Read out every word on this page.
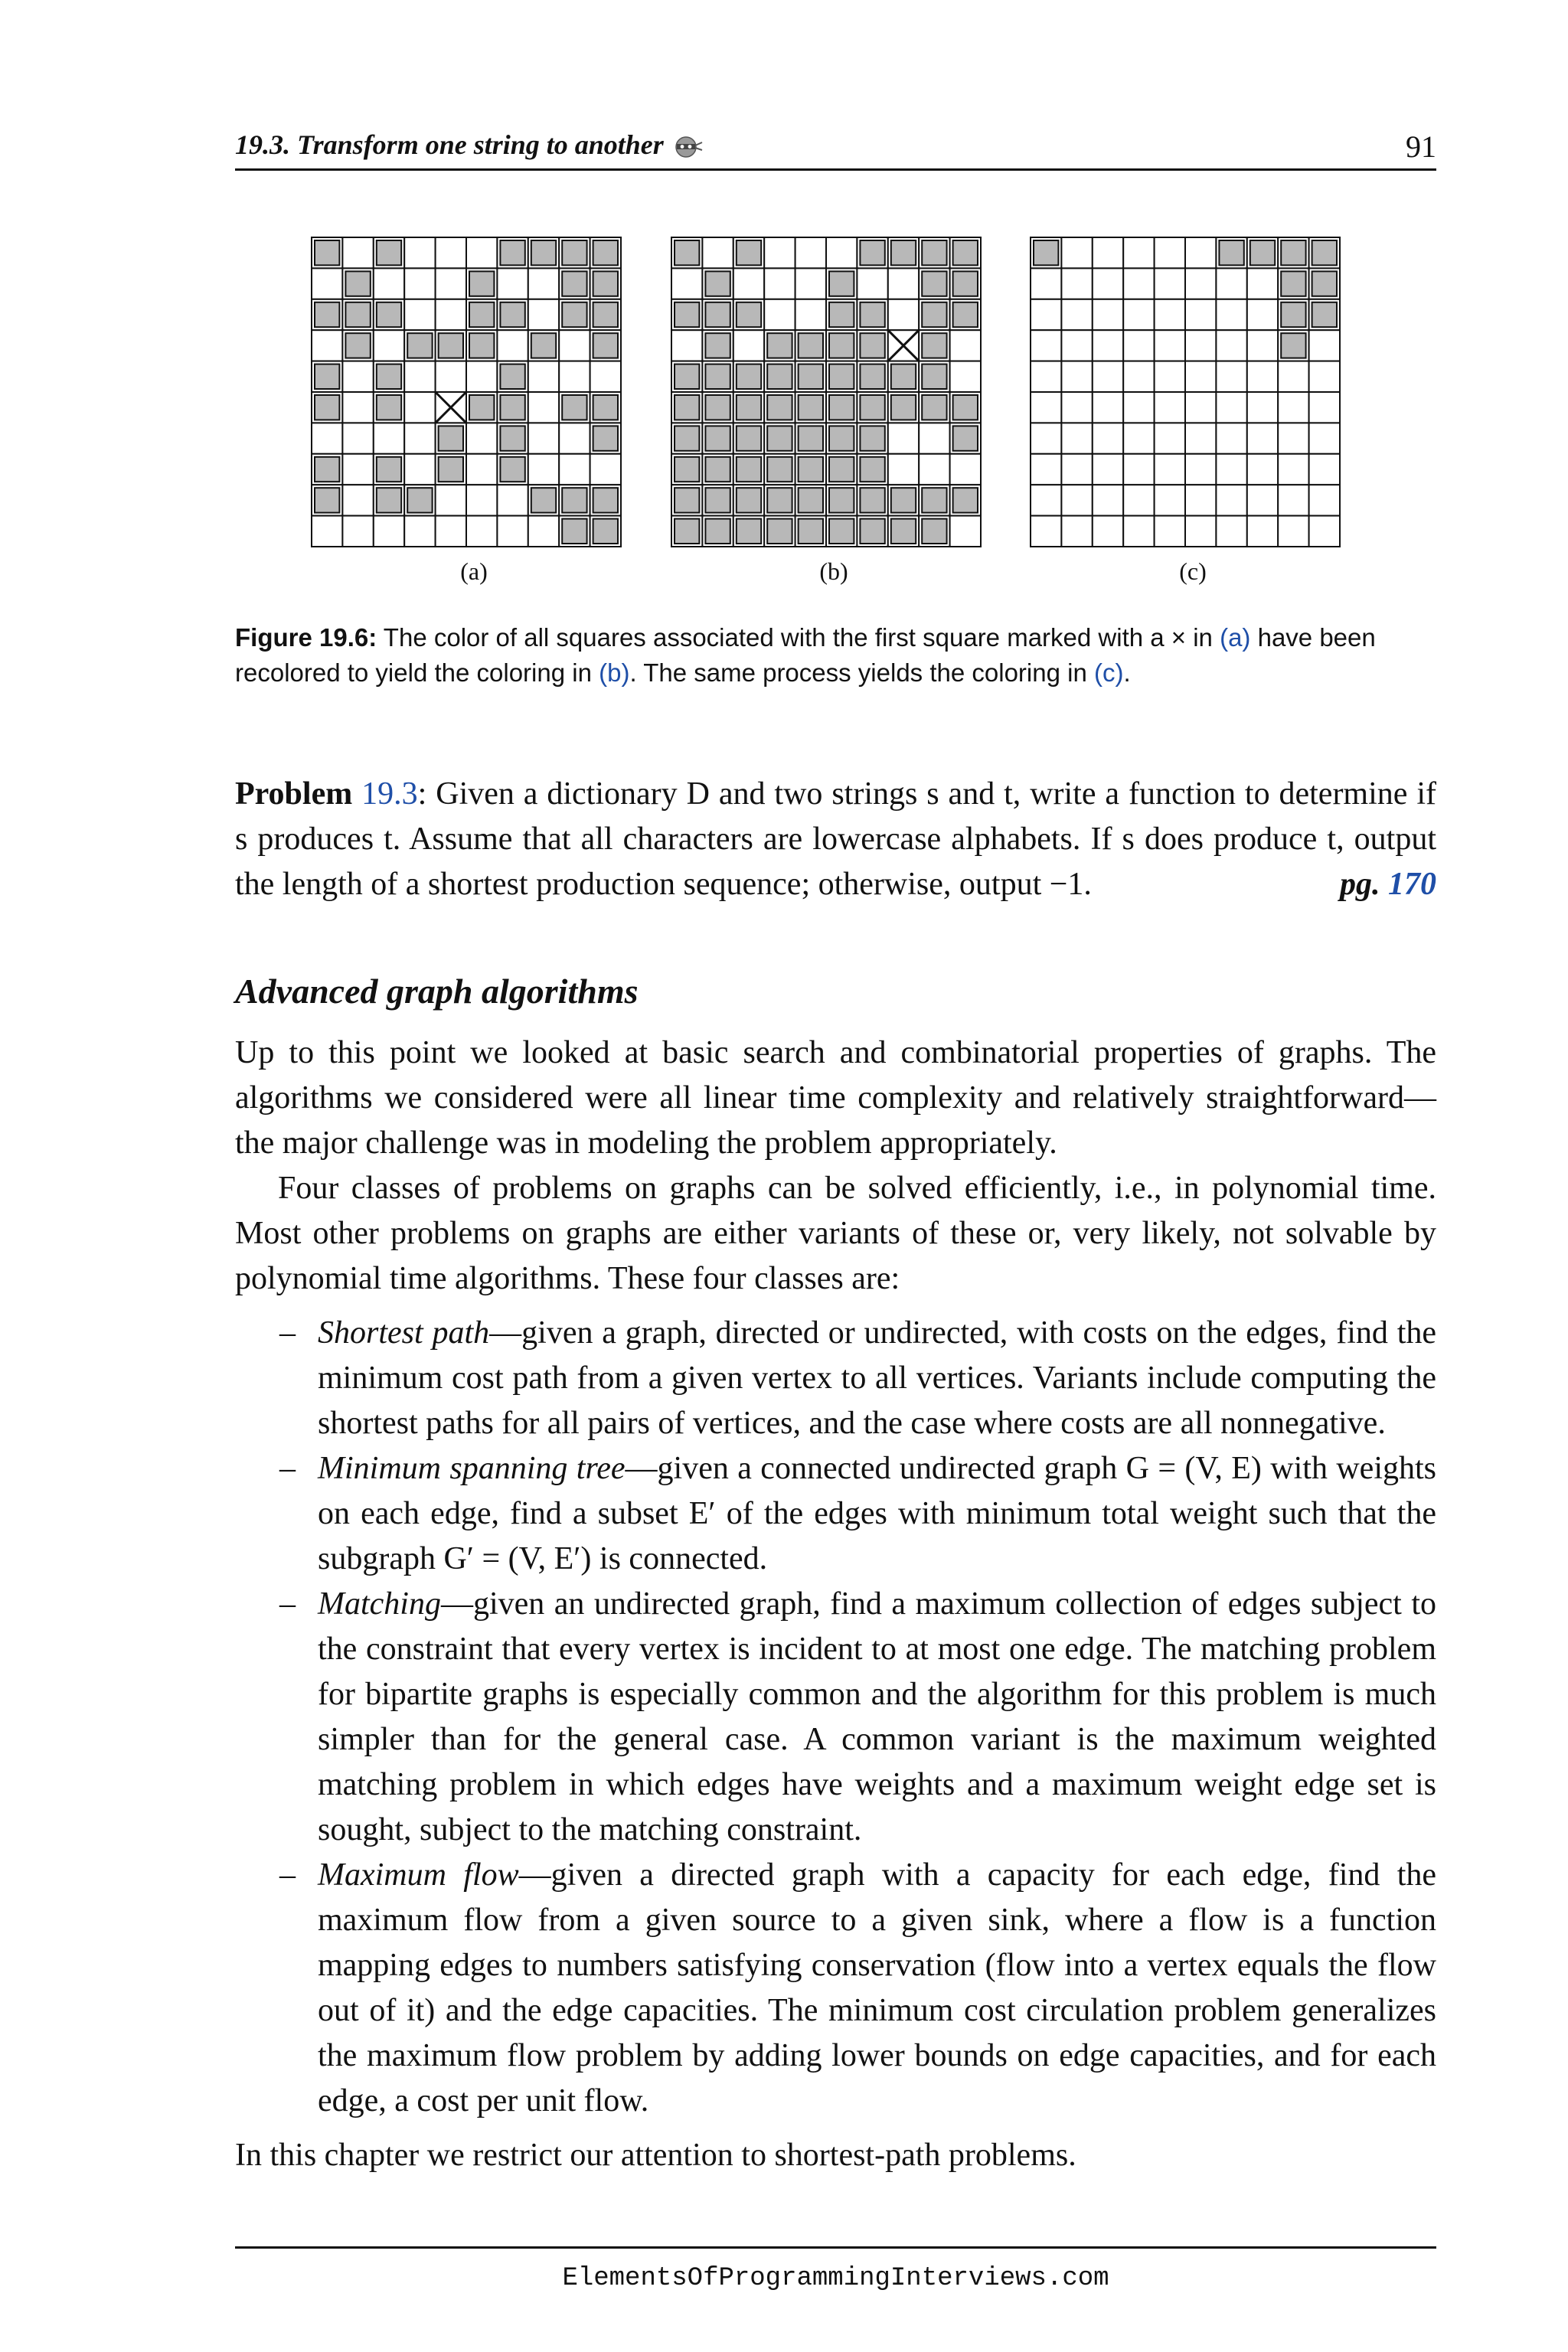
19.3. Transform one string to another	91
(a)	(b)	(c)
Figure 19.6: The color of all squares associated with the first square marked with a × in (a) have been recolored to yield the coloring in (b). The same process yields the coloring in (c).
Problem 19.3: Given a dictionary D and two strings s and t, write a function to determine if s produces t. Assume that all characters are lowercase alphabets. If s does produce t, output the length of a shortest production sequence; otherwise, output −1.	pg. 170
Advanced graph algorithms

Up to this point we looked at basic search and combinatorial properties of graphs. The algorithms we considered were all linear time complexity and relatively straightforward—the major challenge was in modeling the problem appropriately.

Four classes of problems on graphs can be solved efficiently, i.e., in polynomial time. Most other problems on graphs are either variants of these or, very likely, not solvable by polynomial time algorithms. These four classes are:

– Shortest path—given a graph, directed or undirected, with costs on the edges, find the minimum cost path from a given vertex to all vertices. Variants include computing the shortest paths for all pairs of vertices, and the case where costs are all nonnegative.
– Minimum spanning tree—given a connected undirected graph G = (V, E) with weights on each edge, find a subset E′ of the edges with minimum total weight such that the subgraph G′ = (V, E′) is connected.
– Matching—given an undirected graph, find a maximum collection of edges subject to the constraint that every vertex is incident to at most one edge. The matching problem for bipartite graphs is especially common and the algorithm for this problem is much simpler than for the general case. A common variant is the maximum weighted matching problem in which edges have weights and a maximum weight edge set is sought, subject to the matching constraint.
– Maximum flow—given a directed graph with a capacity for each edge, find the maximum flow from a given source to a given sink, where a flow is a function mapping edges to numbers satisfying conservation (flow into a vertex equals the flow out of it) and the edge capacities. The minimum cost circulation problem generalizes the maximum flow problem by adding lower bounds on edge capacities, and for each edge, a cost per unit flow.

In this chapter we restrict our attention to shortest-path problems.

ElementsOfProgrammingInterviews.com
